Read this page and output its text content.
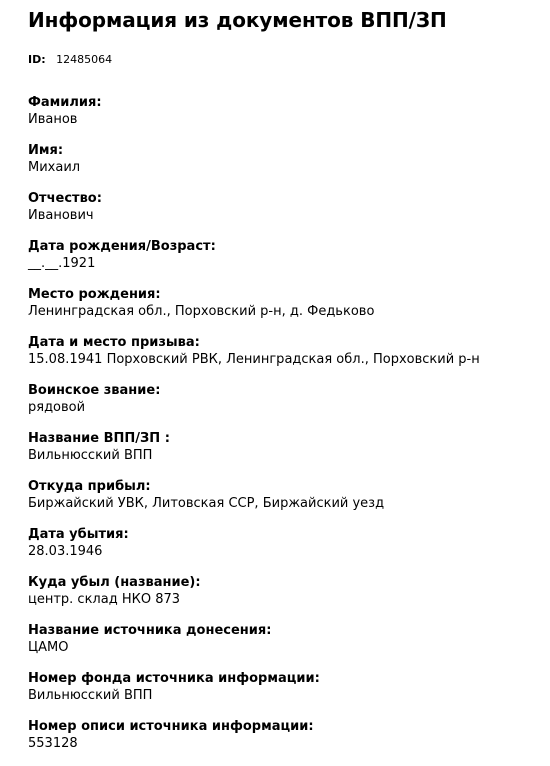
Информация из документов ВПП/ЗП
ID: 12485064
Фамилия:
Иванов
Имя:
Михаил
Отчество:
Иванович
Дата рождения/Возраст:
__.__.1921
Место рождения:
Ленинградская обл., Порховский р-н, д. Федьково
Дата и место призыва:
15.08.1941 Порховский РВК, Ленинградская обл., Порховский р-н
Воинское звание:
рядовой
Название ВПП/ЗП :
Вильнюсский ВПП
Откуда прибыл:
Биржайский УВК, Литовская ССР, Биржайский уезд
Дата убытия:
28.03.1946
Куда убыл (название):
центр. склад НКО 873
Название источника донесения:
ЦАМО
Номер фонда источника информации:
Вильнюсский ВПП
Номер описи источника информации:
553128
